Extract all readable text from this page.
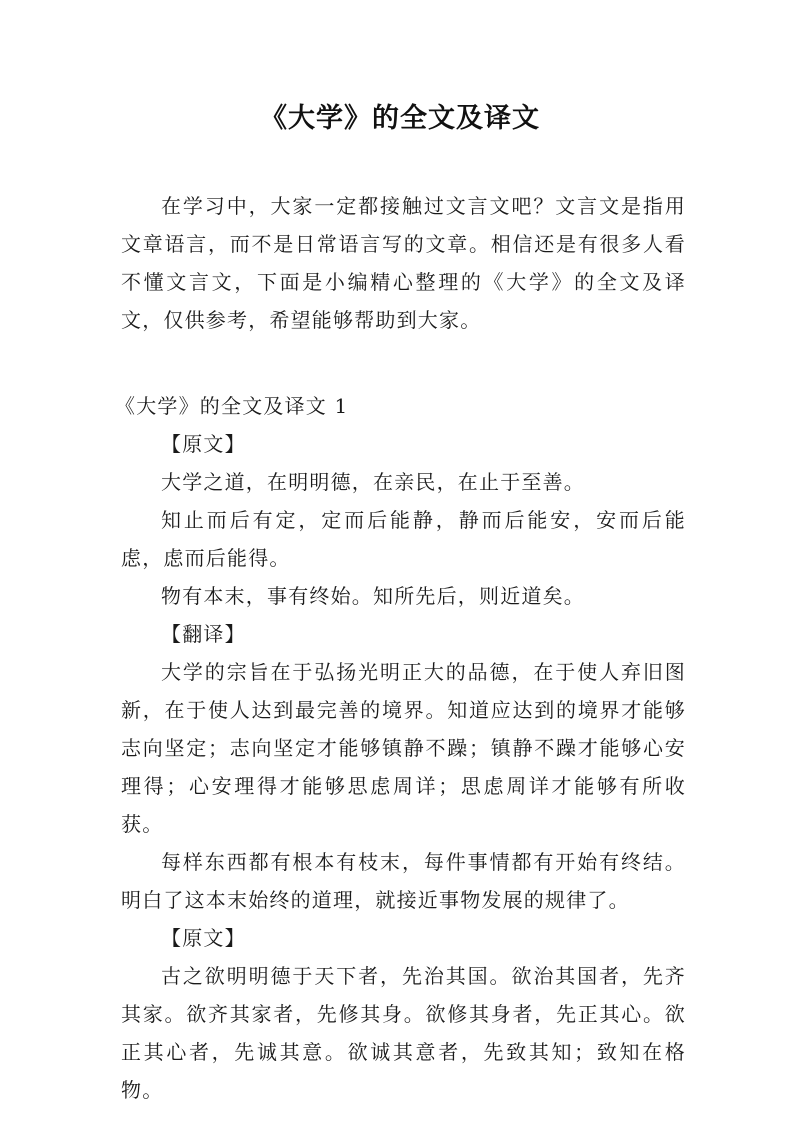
《大学》的全文及译文

在学习中，大家一定都接触过文言文吧？文言文是指用文章语言，而不是日常语言写的文章。相信还是有很多人看不懂文言文，下面是小编精心整理的《大学》的全文及译文，仅供参考，希望能够帮助到大家。

《大学》的全文及译文 1

【原文】

大学之道，在明明德，在亲民，在止于至善。

知止而后有定，定而后能静，静而后能安，安而后能虑，虑而后能得。

物有本末，事有终始。知所先后，则近道矣。

【翻译】

大学的宗旨在于弘扬光明正大的品德，在于使人弃旧图新，在于使人达到最完善的境界。知道应达到的境界才能够志向坚定；志向坚定才能够镇静不躁；镇静不躁才能够心安理得；心安理得才能够思虑周详；思虑周详才能够有所收获。

每样东西都有根本有枝末，每件事情都有开始有终结。明白了这本末始终的道理，就接近事物发展的规律了。

【原文】

古之欲明明德于天下者，先治其国。欲治其国者，先齐其家。欲齐其家者，先修其身。欲修其身者，先正其心。欲正其心者，先诚其意。欲诚其意者，先致其知；致知在格物。
